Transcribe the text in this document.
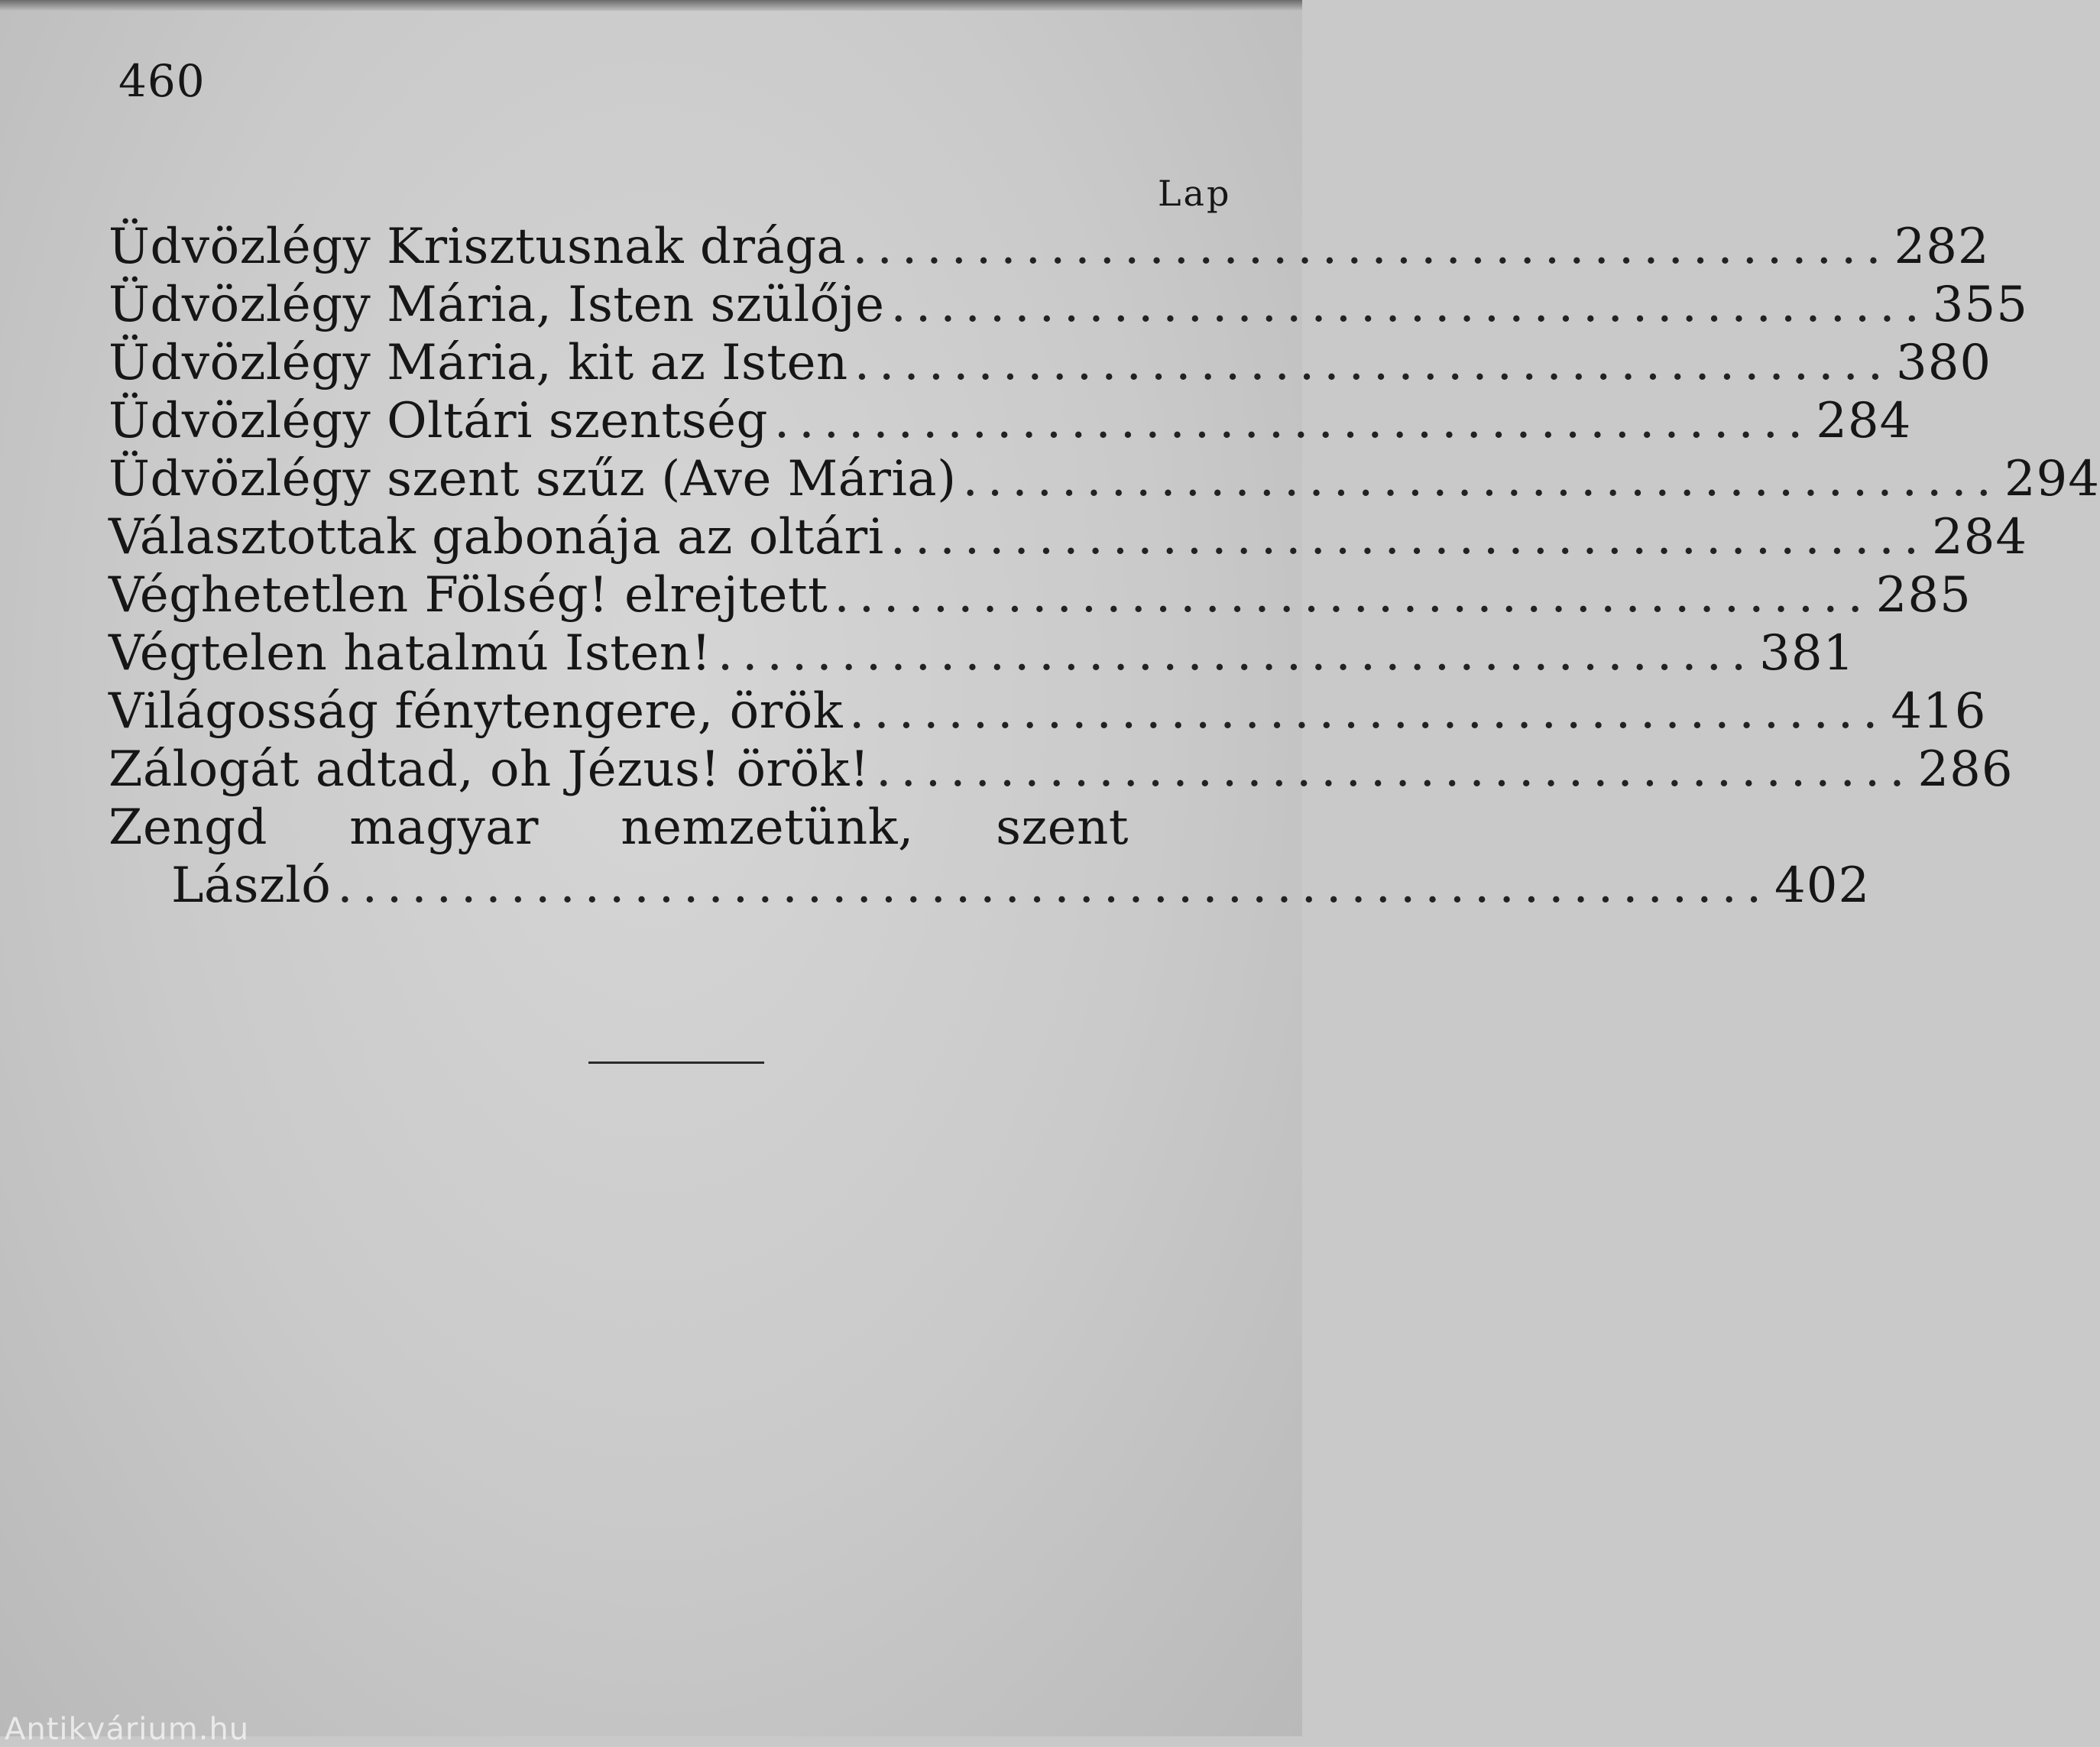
460
Lap
Üdvözlégy Krisztusnak drága .......................................... 282
Üdvözlégy Mária, Isten szülője .......................................... 355
Üdvözlégy Mária, kit az Isten .......................................... 380
Üdvözlégy Oltári szentség .......................................... 284
Üdvözlégy szent szűz (Ave Mária) .......................................... 294
Választottak gabonája az oltári .......................................... 284
Véghetetlen Fölség! elrejtett .......................................... 285
Végtelen hatalmú Isten! .......................................... 381
Világosság fénytengere, örök .......................................... 416
Zálogát adtad, oh Jézus! örök! .......................................... 286
Zengd magyar nemzetünk, szent
László .......................................................... 402
Antikvárium.hu
